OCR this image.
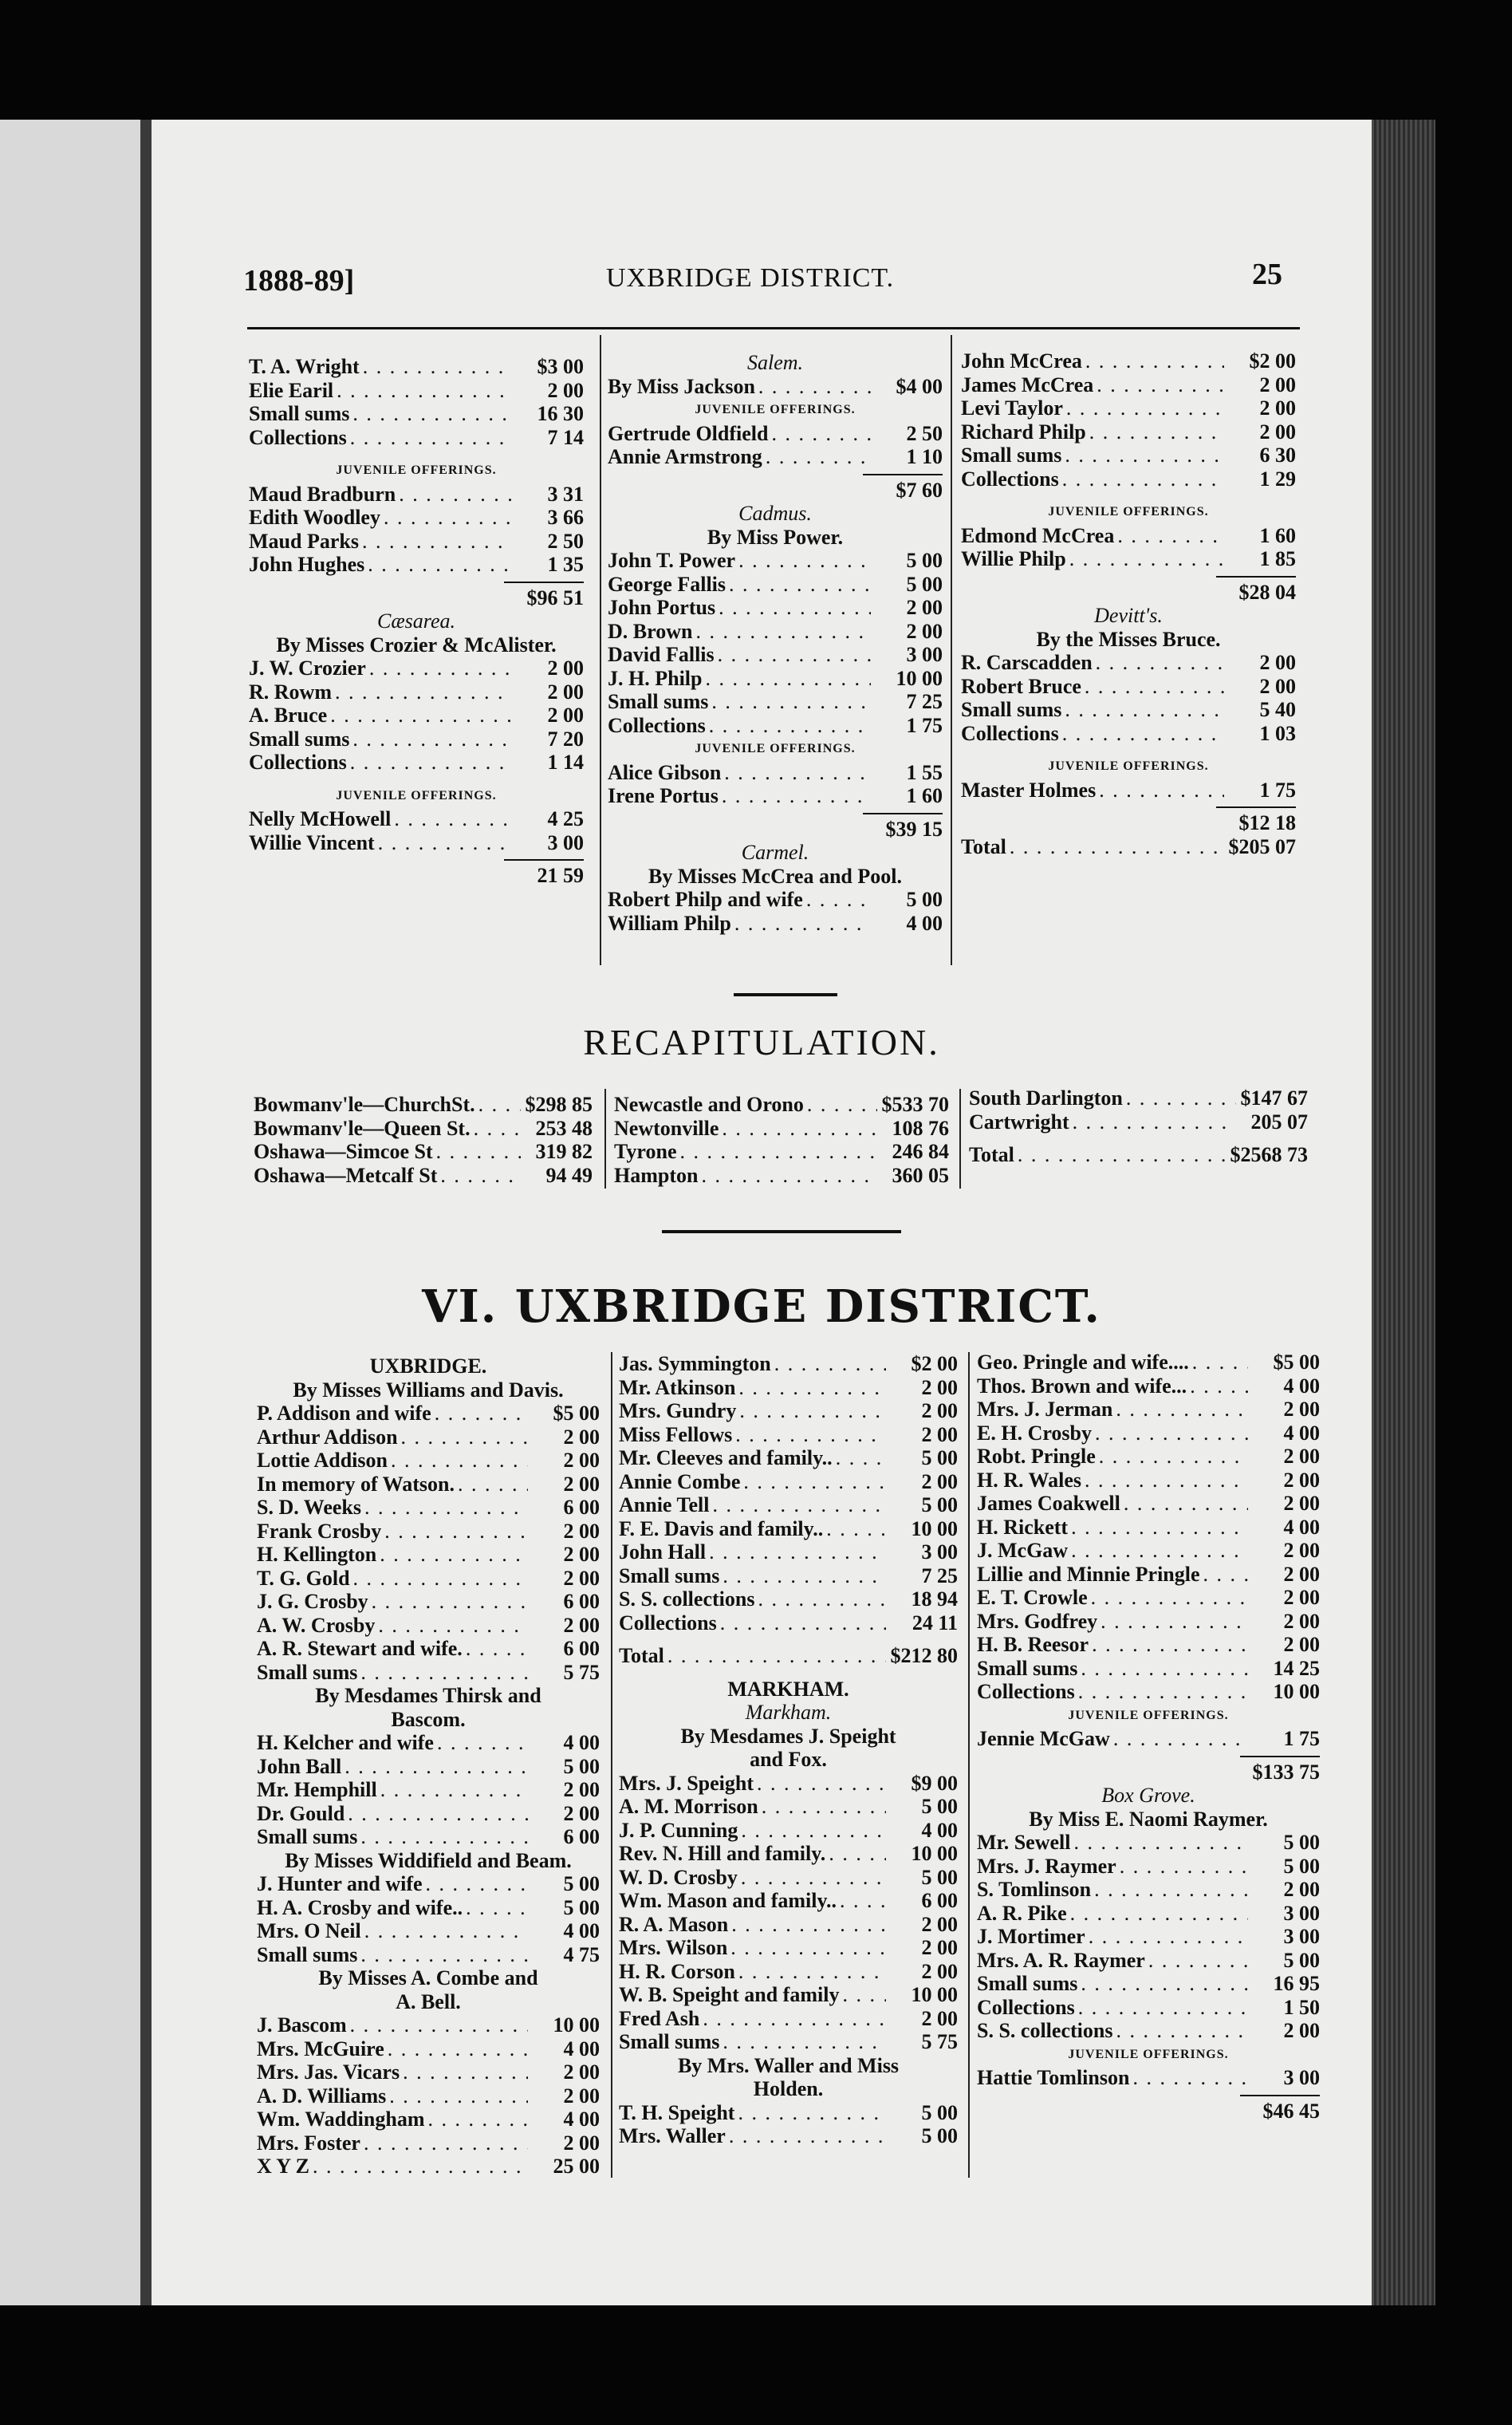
1888-89]	UXBRIDGE DISTRICT.	25
T. A. Wright . . .	$3 00
Elie Earil . . .	2 00
Small sums . . .	16 30
Collections . . .	7 14
JUVENILE OFFERINGS.
Maud Bradburn . . .	3 31
Edith Woodley . . .	3 66
Maud Parks . . .	2 50
John Hughes . . .	1 35
$96 51
Cæsarea.
By Misses Crozier & McAlister.
J. W. Crozier . . .	2 00
R. Rowm . . .	2 00
A. Bruce . . .	2 00
Small sums . . .	7 20
Collections . . .	1 14
JUVENILE OFFERINGS.
Nelly McHowell . . .	4 25
Willie Vincent . . .	3 00
21 59
Salem.
By Miss Jackson . . .	$4 00
JUVENILE OFFERINGS.
Gertrude Oldfield . . .	2 50
Annie Armstrong . . .	1 10
$7 60
Cadmus.
By Miss Power.
John T. Power . . .	5 00
George Fallis . . .	5 00
John Portus . . .	2 00
D. Brown . . .	2 00
David Fallis . . .	3 00
J. H. Philp . . .	10 00
Small sums . . .	7 25
Collections . . .	1 75
JUVENILE OFFERINGS.
Alice Gibson . . .	1 55
Irene Portus . . .	1 60
$39 15
Carmel.
By Misses McCrea and Pool.
Robert Philp and wife . . .	5 00
William Philp . . .	4 00
John McCrea . . .	$2 00
James McCrea . . .	2 00
Levi Taylor . . .	2 00
Richard Philp . . .	2 00
Small sums . . .	6 30
Collections . . .	1 29
JUVENILE OFFERINGS.
Edmond McCrea . . .	1 60
Willie Philp . . .	1 85
$28 04
Devitt's.
By the Misses Bruce.
R. Carscadden . . .	2 00
Robert Bruce . . .	2 00
Small sums . . .	5 40
Collections . . .	1 03
JUVENILE OFFERINGS.
Master Holmes . . .	1 75
$12 18
Total . . .	$205 07
RECAPITULATION.
Bowmanv'le—ChurchSt. . . . $298 85
Bowmanv'le—Queen St. . . .	253 48
Oshawa—Simcoe St . . .	319 82
Oshawa—Metcalf St . . .	94 49
Newcastle and Orono . . .	$533 70
Newtonville . . .	108 76
Tyrone . . .	246 84
Hampton . . .	360 05
South Darlington . . .	$147 67
Cartwright . . .	205 07
Total . . .	$2568 73
VI. UXBRIDGE DISTRICT.
UXBRIDGE.
By Misses Williams and Davis.
P. Addison and wife . . .	$5 00
Arthur Addison . . .	2 00
Lottie Addison . . .	2 00
In memory of Watson. . . .	2 00
S. D. Weeks . . .	6 00
Frank Crosby . . .	2 00
H. Kellington . . .	2 00
T. G. Gold . . .	2 00
J. G. Crosby . . .	6 00
A. W. Crosby . . .	2 00
A. R. Stewart and wife. . . .	6 00
Small sums . . .	5 75
By Mesdames Thirsk and
Bascom.
H. Kelcher and wife . . .	4 00
John Ball . . .	5 00
Mr. Hemphill . . .	2 00
Dr. Gould . . .	2 00
Small sums . . .	6 00
By Misses Widdifield and Beam.
J. Hunter and wife . . .	5 00
H. A. Crosby and wife.. . . .	5 00
Mrs. O Neil . . .	4 00
Small sums . . .	4 75
By Misses A. Combe and
A. Bell.
J. Bascom . . .	10 00
Mrs. McGuire . . .	4 00
Mrs. Jas. Vicars . . .	2 00
A. D. Williams . . .	2 00
Wm. Waddingham . . .	4 00
Mrs. Foster . . .	2 00
X Y Z . . .	25 00
Jas. Symmington . . .	$2 00
Mr. Atkinson . . .	2 00
Mrs. Gundry . . .	2 00
Miss Fellows . . .	2 00
Mr. Cleeves and family.. . . .	5 00
Annie Combe . . .	2 00
Annie Tell . . .	5 00
F. E. Davis and family.. . . .	10 00
John Hall . . .	3 00
Small sums . . .	7 25
S. S. collections . . .	18 94
Collections . . .	24 11
Total . . .	$212 80
MARKHAM.
Markham.
By Mesdames J. Speight
and Fox.
Mrs. J. Speight . . .	$9 00
A. M. Morrison . . .	5 00
J. P. Cunning . . .	4 00
Rev. N. Hill and family. . . .	10 00
W. D. Crosby . . .	5 00
Wm. Mason and family.. . . .	6 00
R. A. Mason . . .	2 00
Mrs. Wilson . . .	2 00
H. R. Corson . . .	2 00
W. B. Speight and family . . .	10 00
Fred Ash . . .	2 00
Small sums . . .	5 75
By Mrs. Waller and Miss
Holden.
T. H. Speight . . .	5 00
Mrs. Waller . . .	5 00
Geo. Pringle and wife.... . . .	$5 00
Thos. Brown and wife... . . .	4 00
Mrs. J. Jerman . . .	2 00
E. H. Crosby . . .	4 00
Robt. Pringle . . .	2 00
H. R. Wales . . .	2 00
James Coakwell . . .	2 00
H. Rickett . . .	4 00
J. McGaw . . .	2 00
Lillie and Minnie Pringle . . .	2 00
E. T. Crowle . . .	2 00
Mrs. Godfrey . . .	2 00
H. B. Reesor . . .	2 00
Small sums . . .	14 25
Collections . . .	10 00
JUVENILE OFFERINGS.
Jennie McGaw . . .	1 75
$133 75
Box Grove.
By Miss E. Naomi Raymer.
Mr. Sewell . . .	5 00
Mrs. J. Raymer . . .	5 00
S. Tomlinson . . .	2 00
A. R. Pike . . .	3 00
J. Mortimer . . .	3 00
Mrs. A. R. Raymer . . .	5 00
Small sums . . .	16 95
Collections . . .	1 50
S. S. collections . . .	2 00
JUVENILE OFFERINGS.
Hattie Tomlinson . . .	3 00
$46 45
